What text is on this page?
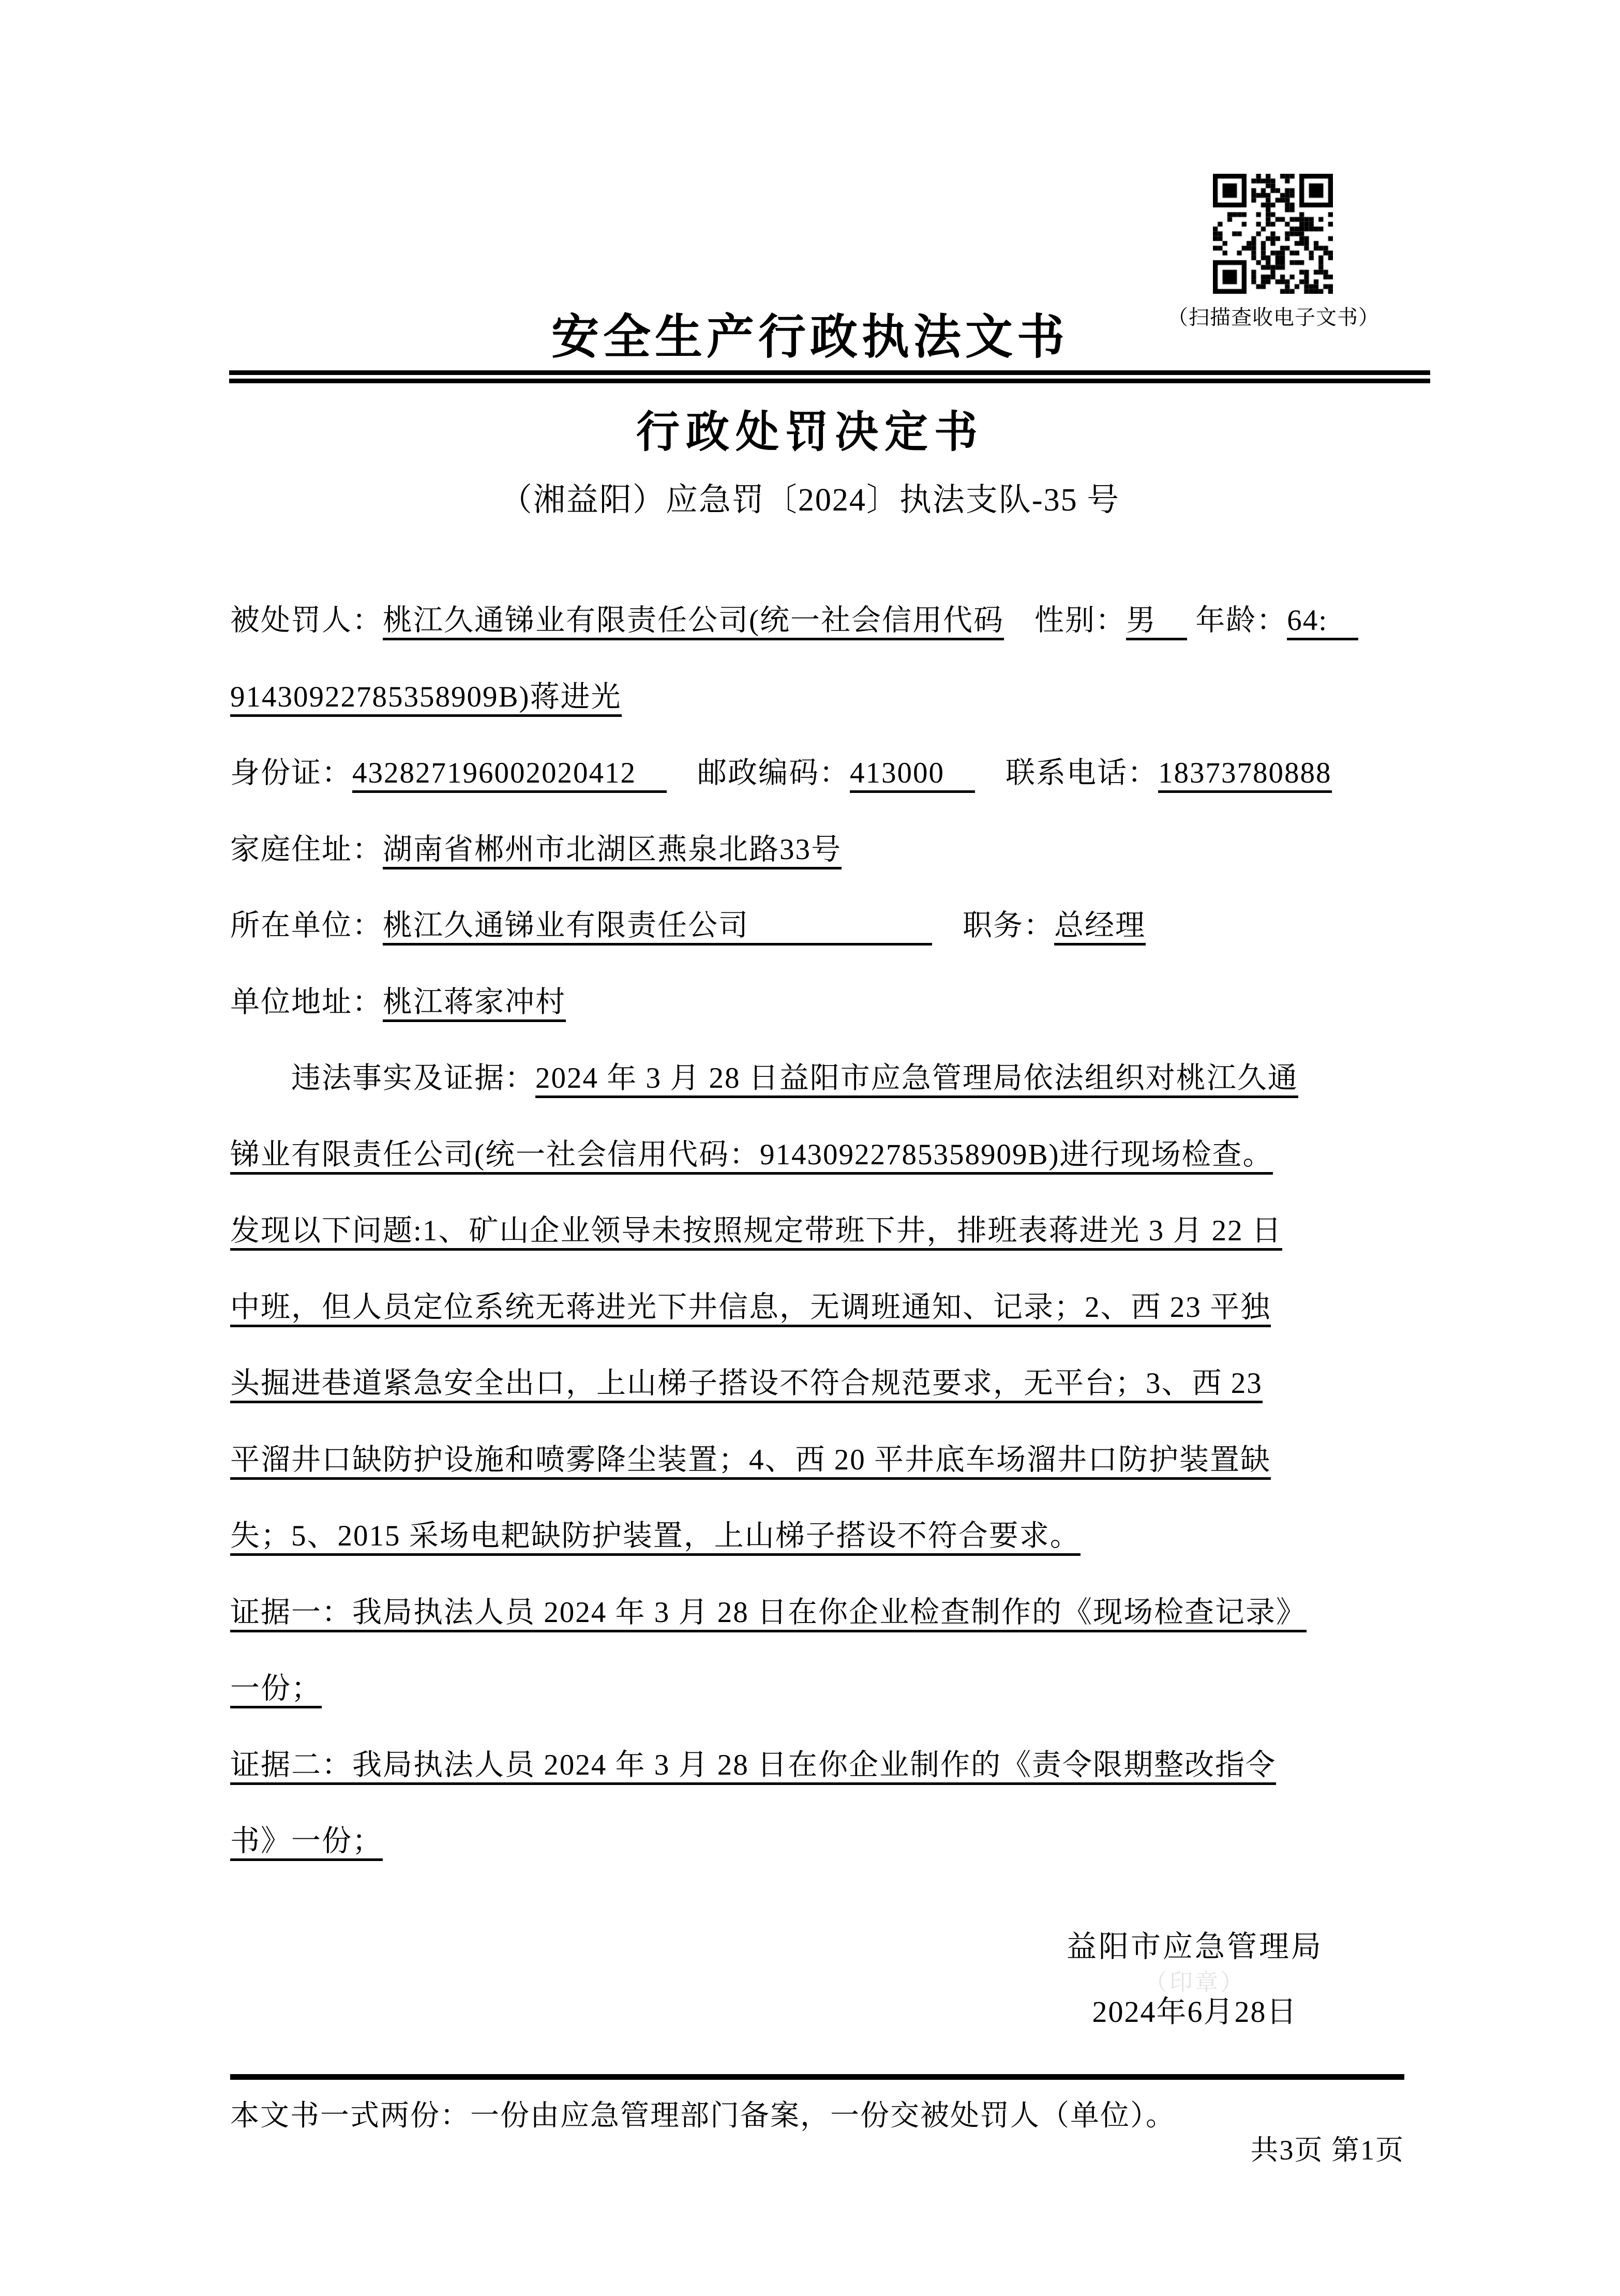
（扫描查收电子文书）
安全生产行政执法文书
行政处罚决定书
（湘益阳）应急罚〔2024〕执法支队-35 号
被处罚人：桃江久通锑业有限责任公司(统一社会信用代码　性别：男　 年龄：64:　
91430922785358909B)蒋进光
身份证：432827196002020412　　邮政编码：413000　　联系电话：18373780888
家庭住址：湖南省郴州市北湖区燕泉北路33号
所在单位：桃江久通锑业有限责任公司　　　　　　　职务：总经理
单位地址：桃江蒋家冲村
　　违法事实及证据：2024 年 3 月 28 日益阳市应急管理局依法组织对桃江久通
锑业有限责任公司(统一社会信用代码：91430922785358909B)进行现场检查。
发现以下问题:1、矿山企业领导未按照规定带班下井，排班表蒋进光 3 月 22 日
中班，但人员定位系统无蒋进光下井信息，无调班通知、记录；2、西 23 平独
头掘进巷道紧急安全出口，上山梯子搭设不符合规范要求，无平台；3、西 23
平溜井口缺防护设施和喷雾降尘装置；4、西 20 平井底车场溜井口防护装置缺
失；5、2015 采场电耙缺防护装置，上山梯子搭设不符合要求。
证据一：我局执法人员 2024 年 3 月 28 日在你企业检查制作的《现场检查记录》
一份；
证据二：我局执法人员 2024 年 3 月 28 日在你企业制作的《责令限期整改指令
书》一份；
益阳市应急管理局
（印章）
2024年6月28日
本文书一式两份：一份由应急管理部门备案，一份交被处罚人（单位）。
共3页 第1页
